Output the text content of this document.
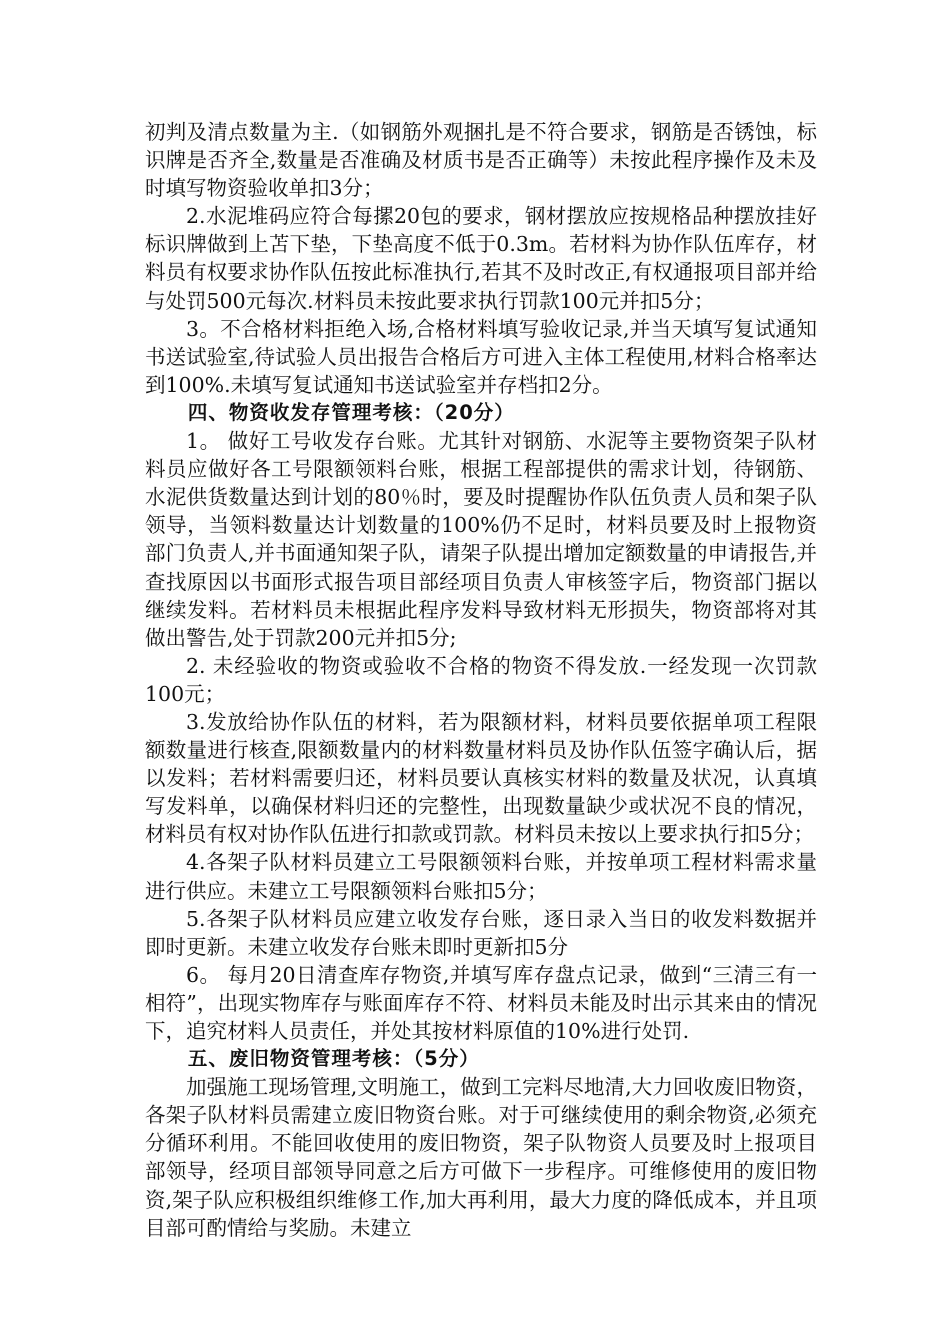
初判及清点数量为主.（如钢筋外观捆扎是不符合要求，钢筋是否锈蚀，标识牌是否齐全,数量是否准确及材质书是否正确等）未按此程序操作及未及时填写物资验收单扣3分；

2.水泥堆码应符合每摞20包的要求，钢材摆放应按规格品种摆放挂好标识牌做到上苫下垫，下垫高度不低于0.3m。若材料为协作队伍库存，材料员有权要求协作队伍按此标准执行,若其不及时改正,有权通报项目部并给与处罚500元每次.材料员未按此要求执行罚款100元并扣5分；

3。不合格材料拒绝入场,合格材料填写验收记录,并当天填写复试通知书送试验室,待试验人员出报告合格后方可进入主体工程使用,材料合格率达到100%.未填写复试通知书送试验室并存档扣2分。

四、物资收发存管理考核：（20分）

1。 做好工号收发存台账。尤其针对钢筋、水泥等主要物资架子队材料员应做好各工号限额领料台账，根据工程部提供的需求计划，待钢筋、水泥供货数量达到计划的80％时，要及时提醒协作队伍负责人员和架子队领导，当领料数量达计划数量的100%仍不足时，材料员要及时上报物资部门负责人,并书面通知架子队，请架子队提出增加定额数量的申请报告,并查找原因以书面形式报告项目部经项目负责人审核签字后，物资部门据以继续发料。若材料员未根据此程序发料导致材料无形损失，物资部将对其做出警告,处于罚款200元并扣5分;

2. 未经验收的物资或验收不合格的物资不得发放.一经发现一次罚款100元；

3.发放给协作队伍的材料，若为限额材料，材料员要依据单项工程限额数量进行核查,限额数量内的材料数量材料员及协作队伍签字确认后，据以发料；若材料需要归还，材料员要认真核实材料的数量及状况，认真填写发料单，以确保材料归还的完整性，出现数量缺少或状况不良的情况，材料员有权对协作队伍进行扣款或罚款。材料员未按以上要求执行扣5分；

4.各架子队材料员建立工号限额领料台账，并按单项工程材料需求量进行供应。未建立工号限额领料台账扣5分；

5.各架子队材料员应建立收发存台账，逐日录入当日的收发料数据并即时更新。未建立收发存台账未即时更新扣5分

6。 每月20日清查库存物资,并填写库存盘点记录，做到“三清三有一相符”，出现实物库存与账面库存不符、材料员未能及时出示其来由的情况下，追究材料人员责任，并处其按材料原值的10%进行处罚.

五、废旧物资管理考核：（5分）

加强施工现场管理,文明施工，做到工完料尽地清,大力回收废旧物资，各架子队材料员需建立废旧物资台账。对于可继续使用的剩余物资,必须充分循环利用。不能回收使用的废旧物资，架子队物资人员要及时上报项目部领导，经项目部领导同意之后方可做下一步程序。可维修使用的废旧物资,架子队应积极组织维修工作,加大再利用，最大力度的降低成本，并且项目部可酌情给与奖励。未建立
